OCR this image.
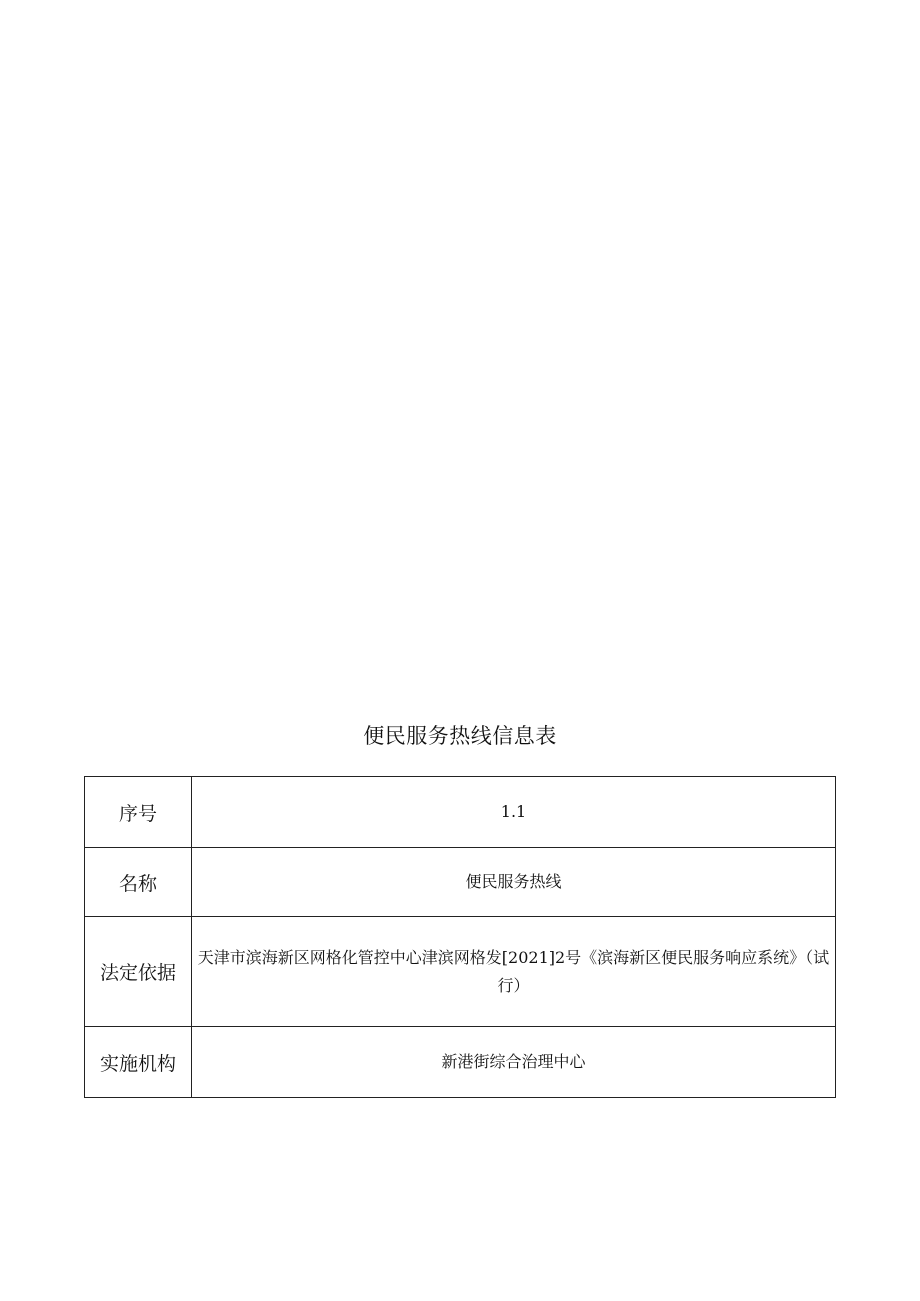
便民服务热线信息表
序号	1.1
名称	便民服务热线
法定依据	天津市滨海新区网格化管控中心津滨网格发[2021]2号《滨海新区便民服务响应系统》（试行）
实施机构	新港街综合治理中心
